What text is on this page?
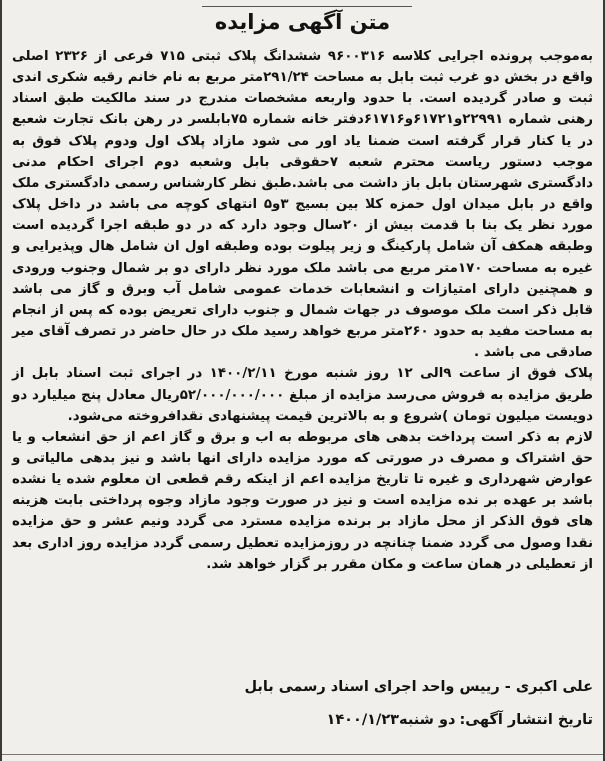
متن آگهی مزایده

به‌موجب پرونده اجرایی کلاسه ۹۶۰۰۳۱۶ ششدانگ پلاک ثبتی ۷۱۵ فرعی از ۲۳۲۶ اصلی واقع در بخش دو غرب ثبت بابل به مساحت ۲۹۱/۲۴متر مربع به نام خانم رقیه شکری اندی ثبت و صادر گردیده است. با حدود واربعه مشخصات مندرج در سند مالکیت طبق اسناد رهنی شماره ۲۲۹۹۱و۶۱۷۲۱و۶۱۷۱۶دفتر خانه شماره ۷۵بابلسر در رهن بانک تجارت شعبع در یا کنار قرار گرفته است ضمنا یاد اور می شود مازاد پلاک اول ودوم پلاک فوق به موجب دستور ریاست محترم شعبه ۷حقوقی بابل وشعبه دوم اجرای احکام مدنی دادگستری شهرستان بابل باز داشت می باشد.طبق نظر کارشناس رسمی دادگستری ملک واقع در بابل میدان اول حمزه کلا بین بسیج ۳و۵ انتهای کوچه می باشد در داخل پلاک مورد نظر یک بنا با قدمت بیش از ۲۰سال وجود دارد که در دو طبقه اجرا گردیده است وطبقه همکف آن شامل پارکینگ و زیر پیلوت بوده وطبقه اول ان شامل هال وپذیرایی و غیره به مساحت ۱۷۰متر مربع می باشد ملک مورد نظر دارای دو بر شمال وجنوب ورودی و همچنین دارای امتیازات و انشعابات خدمات عمومی شامل آب وبرق و گاز می باشد قابل ذکر است ملک موصوف در جهات شمال و جنوب دارای تعریض بوده که پس از انجام به مساحت مفید به حدود ۲۶۰متر مربع خواهد رسید ملک در حال حاضر در تصرف آقای میر صادقی می باشد .

پلاک فوق از ساعت ۹الی ۱۲ روز شنبه مورخ ۱۴۰۰/۲/۱۱ در اجرای ثبت اسناد بابل از طریق مزایده به فروش می‌رسد مزایده از مبلغ ۵۲/۰۰۰/۰۰۰/۰۰۰ریال معادل پنج میلیارد دو دویست میلیون تومان )شروع و به بالاترین قیمت پیشنهادی نقدافروخته می‌شود.

لازم به ذکر است پرداخت بدهی های مربوطه به اب و برق و گاز اعم از حق انشعاب و یا حق اشتراک و مصرف در صورتی که مورد مزایده دارای انها باشد و نیز بدهی مالیاتی و عوارض شهرداری و غیره تا تاریخ مزایده اعم از اینکه رقم قطعی ان معلوم شده یا نشده باشد بر عهده بر نده مزایده است و نیز در صورت وجود مازاد وجوه پرداختی بابت هزینه های فوق الذکر از محل مازاد بر برنده مزایده مسترد می گردد ونیم عشر و حق مزایده نقدا وصول می گردد ضمنا چنانچه در روزمزایده تعطیل رسمی گردد مزایده روز اداری بعد از تعطیلی در همان ساعت و مکان مقرر بر گزار خواهد شد.

علی اکبری - رییس واحد اجرای اسناد رسمی بابل
تاریخ انتشار آگهی:دو شنبه۱۴۰۰/۱/۲۳
